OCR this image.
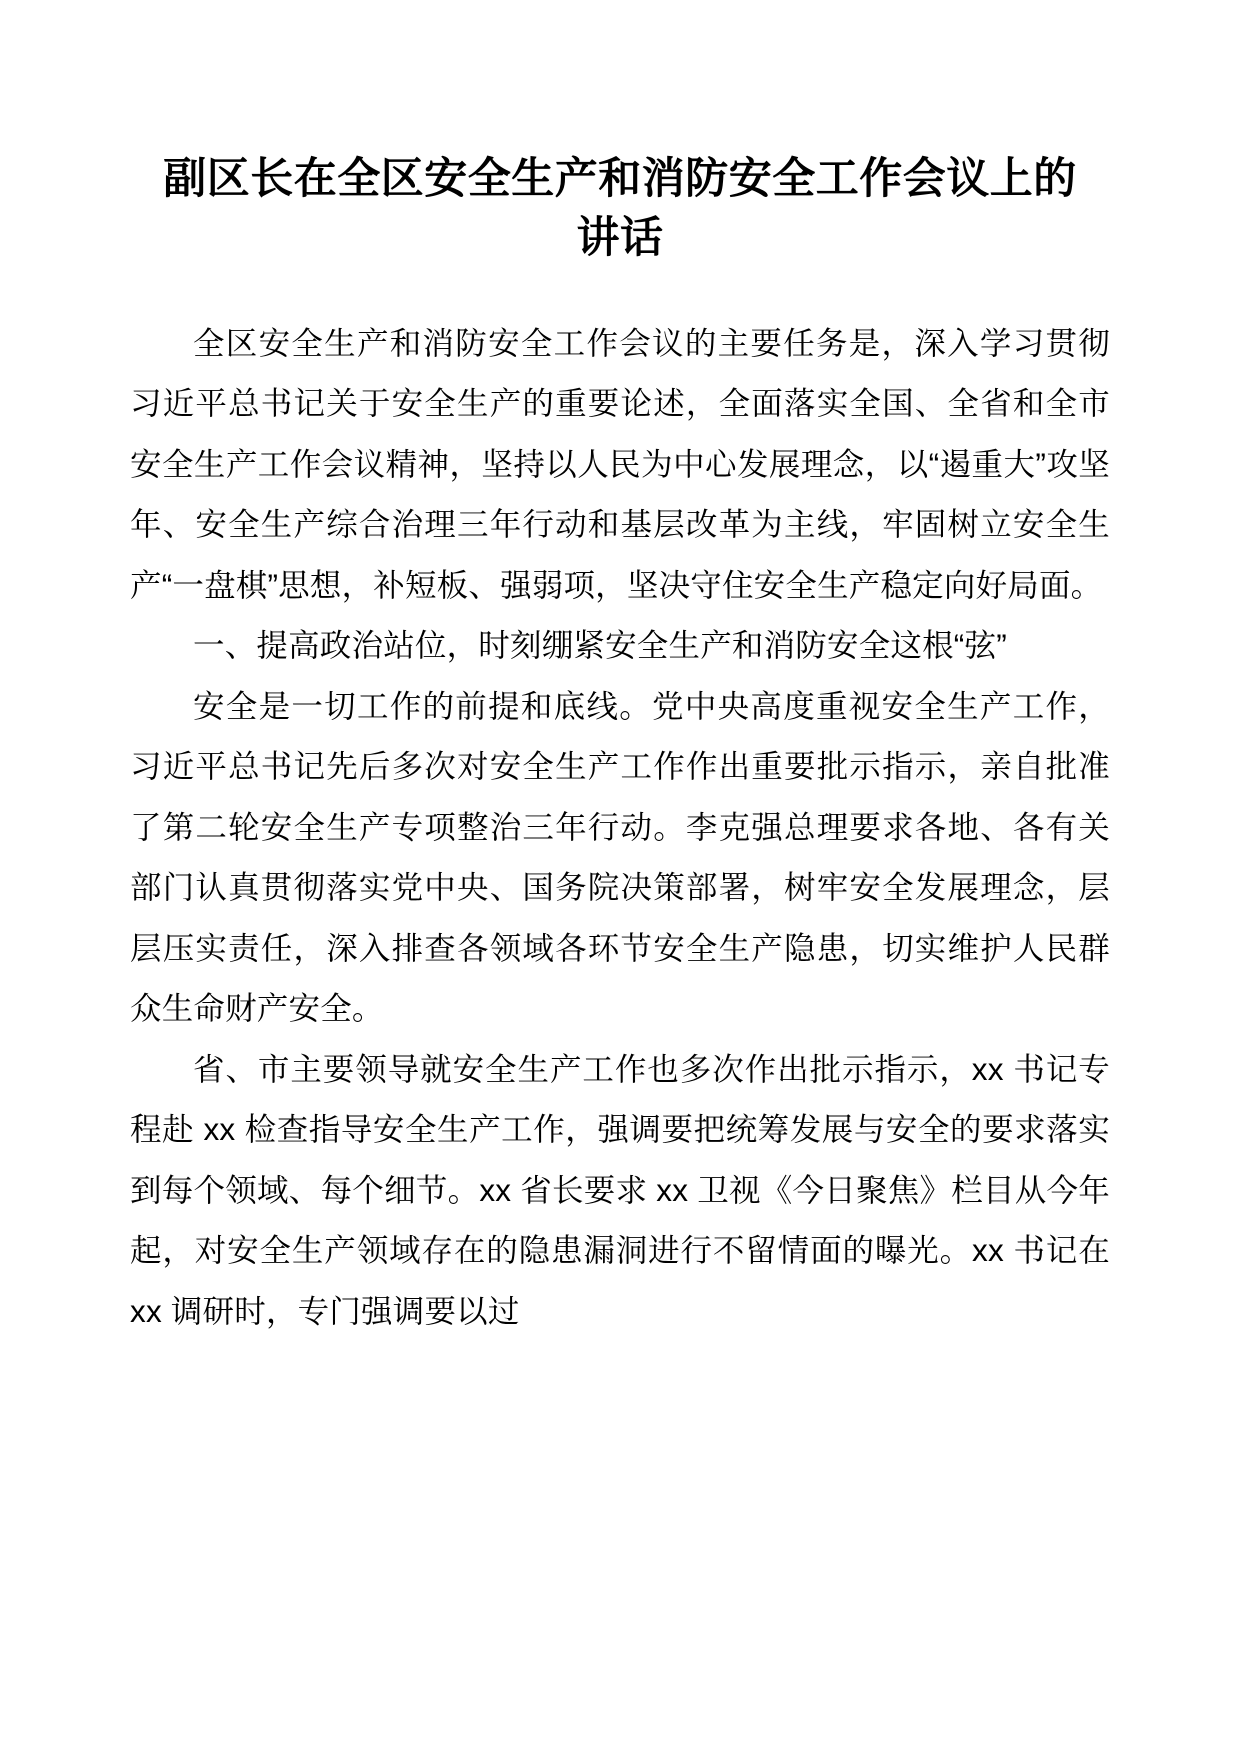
副区长在全区安全生产和消防安全工作会议上的讲话

全区安全生产和消防安全工作会议的主要任务是，深入学习贯彻习近平总书记关于安全生产的重要论述，全面落实全国、全省和全市安全生产工作会议精神，坚持以人民为中心发展理念，以“遏重大”攻坚年、安全生产综合治理三年行动和基层改革为主线，牢固树立安全生产“一盘棋”思想，补短板、强弱项，坚决守住安全生产稳定向好局面。

一、提高政治站位，时刻绷紧安全生产和消防安全这根“弦”

安全是一切工作的前提和底线。党中央高度重视安全生产工作，习近平总书记先后多次对安全生产工作作出重要批示指示，亲自批准了第二轮安全生产专项整治三年行动。李克强总理要求各地、各有关部门认真贯彻落实党中央、国务院决策部署，树牢安全发展理念，层层压实责任，深入排查各领域各环节安全生产隐患，切实维护人民群众生命财产安全。

省、市主要领导就安全生产工作也多次作出批示指示，xx 书记专程赴 xx 检查指导安全生产工作，强调要把统筹发展与安全的要求落实到每个领域、每个细节。xx 省长要求 xx 卫视《今日聚焦》栏目从今年起，对安全生产领域存在的隐患漏洞进行不留情面的曝光。xx 书记在 xx 调研时，专门强调要以过
